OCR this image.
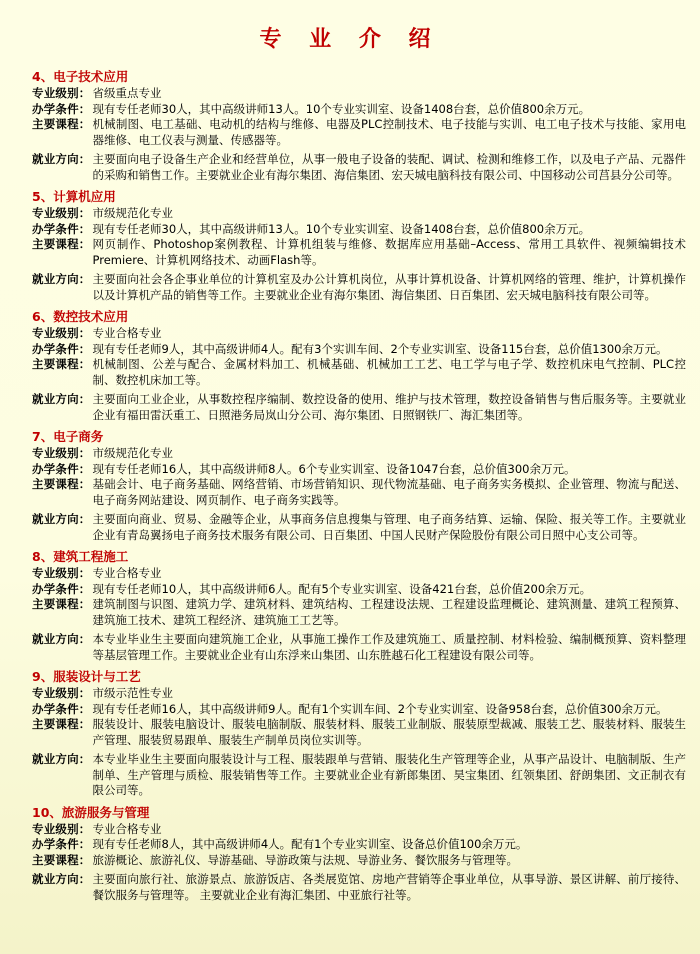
专 业 介 绍
4、电子技术应用
专业级别： 省级重点专业
办学条件： 现有专任老师30人，其中高级讲师13人。10个专业实训室、设备1408台套，总价值800余万元。
主要课程： 机械制图、电工基础、电动机的结构与维修、电器及PLC控制技术、电子技能与实训、电工电子技术与技能、家用电器维修、电工仪表与测量、传感器等。
就业方向： 主要面向电子设备生产企业和经营单位，从事一般电子设备的装配、调试、检测和维修工作，以及电子产品、元器件的采购和销售工作。主要就业企业有海尔集团、海信集团、宏天城电脑科技有限公司、中国移动公司莒县分公司等。
5、计算机应用
专业级别： 市级规范化专业
办学条件： 现有专任老师30人，其中高级讲师13人。10个专业实训室、设备1408台套，总价值800余万元。
主要课程： 网页制作、Photoshop案例教程、计算机组装与维修、数据库应用基础–Access、常用工具软件、视频编辑技术Premiere、计算机网络技术、动画Flash等。
就业方向： 主要面向社会各企事业单位的计算机室及办公计算机岗位，从事计算机设备、计算机网络的管理、维护，计算机操作以及计算机产品的销售等工作。主要就业企业有海尔集团、海信集团、日百集团、宏天城电脑科技有限公司等。
6、数控技术应用
专业级别： 专业合格专业
办学条件： 现有专任老师9人，其中高级讲师4人。配有3个实训车间、2个专业实训室、设备115台套，总价值1300余万元。
主要课程： 机械制图、公差与配合、金属材料加工、机械基础、机械加工工艺、电工学与电子学、数控机床电气控制、PLC控制、数控机床加工等。
就业方向： 主要面向工业企业，从事数控程序编制、数控设备的使用、维护与技术管理，数控设备销售与售后服务等。主要就业企业有福田雷沃重工、日照港务局岚山分公司、海尔集团、日照钢铁厂、海汇集团等。
7、电子商务
专业级别： 市级规范化专业
办学条件： 现有专任老师16人，其中高级讲师8人。6个专业实训室、设备1047台套，总价值300余万元。
主要课程： 基础会计、电子商务基础、网络营销、市场营销知识、现代物流基础、电子商务实务模拟、企业管理、物流与配送、电子商务网站建设、网页制作、电子商务实践等。
就业方向： 主要面向商业、贸易、金融等企业，从事商务信息搜集与管理、电子商务结算、运输、保险、报关等工作。主要就业企业有青岛翼扬电子商务技术服务有限公司、日百集团、中国人民财产保险股份有限公司日照中心支公司等。
8、建筑工程施工
专业级别： 专业合格专业
办学条件： 现有专任老师10人，其中高级讲师6人。配有5个专业实训室、设备421台套，总价值200余万元。
主要课程： 建筑制图与识图、建筑力学、建筑材料、建筑结构、工程建设法规、工程建设监理概论、建筑测量、建筑工程预算、建筑施工技术、建筑工程经济、建筑施工工艺等。
就业方向： 本专业毕业生主要面向建筑施工企业，从事施工操作工作及建筑施工、质量控制、材料检验、编制概预算、资料整理等基层管理工作。主要就业企业有山东浮来山集团、山东胜越石化工程建设有限公司等。
9、服装设计与工艺
专业级别： 市级示范性专业
办学条件： 现有专任老师16人，其中高级讲师9人。配有1个实训车间、2个专业实训室、设备958台套，总价值300余万元。
主要课程： 服装设计、服装电脑设计、服装电脑制版、服装材料、服装工业制版、服装原型裁减、服装工艺、服装材料、服装生产管理、服装贸易跟单、服装生产制单员岗位实训等。
就业方向： 本专业毕业生主要面向服装设计与工程、服装跟单与营销、服装化生产管理等企业，从事产品设计、电脑制版、生产制单、生产管理与质检、服装销售等工作。主要就业企业有新郎集团、昊宝集团、红领集团、舒朗集团、文正制衣有限公司等。
10、旅游服务与管理
专业级别： 专业合格专业
办学条件： 现有专任老师8人，其中高级讲师4人。配有1个专业实训室、设备总价值100余万元。
主要课程： 旅游概论、旅游礼仪、导游基础、导游政策与法规、导游业务、餐饮服务与管理等。
就业方向： 主要面向旅行社、旅游景点、旅游饭店、各类展览馆、房地产营销等企事业单位，从事导游、景区讲解、前厅接待、餐饮服务与管理等。 主要就业企业有海汇集团、中亚旅行社等。
